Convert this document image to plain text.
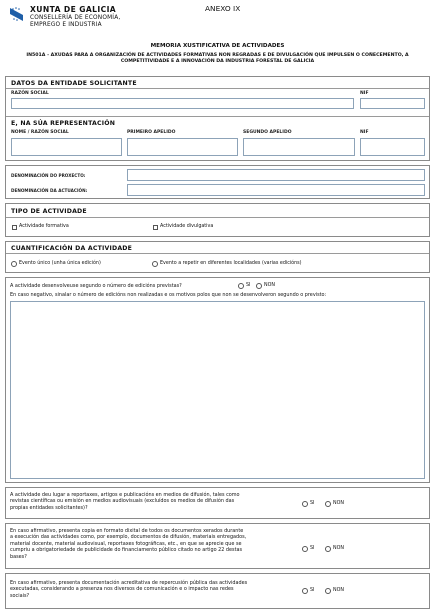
XUNTA DE GALICIA
CONSELLERÍA DE ECONOMÍA,
EMPREGO E INDUSTRIA
ANEXO IX
MEMORIA XUSTIFICATIVA DE ACTIVIDADES
IN501A - AXUDAS PARA A ORGANIZACIÓN DE ACTIVIDADES FORMATIVAS NON REGRADAS E DE DIVULGACIÓN QUE IMPULSEN O COÑECEMENTO, A
COMPETITIVIDADE E A INNOVACIÓN DA INDUSTRIA FORESTAL DE GALICIA
DATOS DA ENTIDADE SOLICITANTE
RAZÓN SOCIAL	NIF
E, NA SÚA REPRESENTACIÓN
NOME / RAZÓN SOCIAL	PRIMEIRO APELIDO	SEGUNDO APELIDO	NIF
DENOMINACIÓN DO PROXECTO:
DENOMINACIÓN DA ACTUACIÓN:
TIPO DE ACTIVIDADE
Actividade formativa	Actividade divulgativa
CUANTIFICACIÓN DA ACTIVIDADE
Evento único (unha única edición)	Evento a repetir en diferentes localidades (varias edicións)
A actividade desenvolveuse segundo o número de edicións previstas?	SI	NON
En caso negativo, sinalar o número de edicións non realizadas e os motivos polos que non se desenvolveron segundo o previsto:
A actividade deu lugar a reportaxes, artigos e publicacións en medios de difusión, tales como
revistas científicas ou emisión en medios audiovisuais (excluídos os medios de difusión das
propias entidades solicitantes)?
SI	NON
En caso afirmativo, presenta copia en formato dixital de todos os documentos xerados durante
a execución das actividades como, por exemplo, documentos de difusión, materiais entregados,
material docente, material audiovisual, reportaxes fotográficas, etc., en que se aprecie que se
cumpriu a obrigatoriedade de publicidade do financiamento público citado no artigo 22 destas
bases?
SI	NON
En caso afirmativo, presenta documentación acreditativa de repercusión pública das actividades
executadas, considerando a presenza nos diversos de comunicación e o impacto nas redes
sociais?
SI	NON
